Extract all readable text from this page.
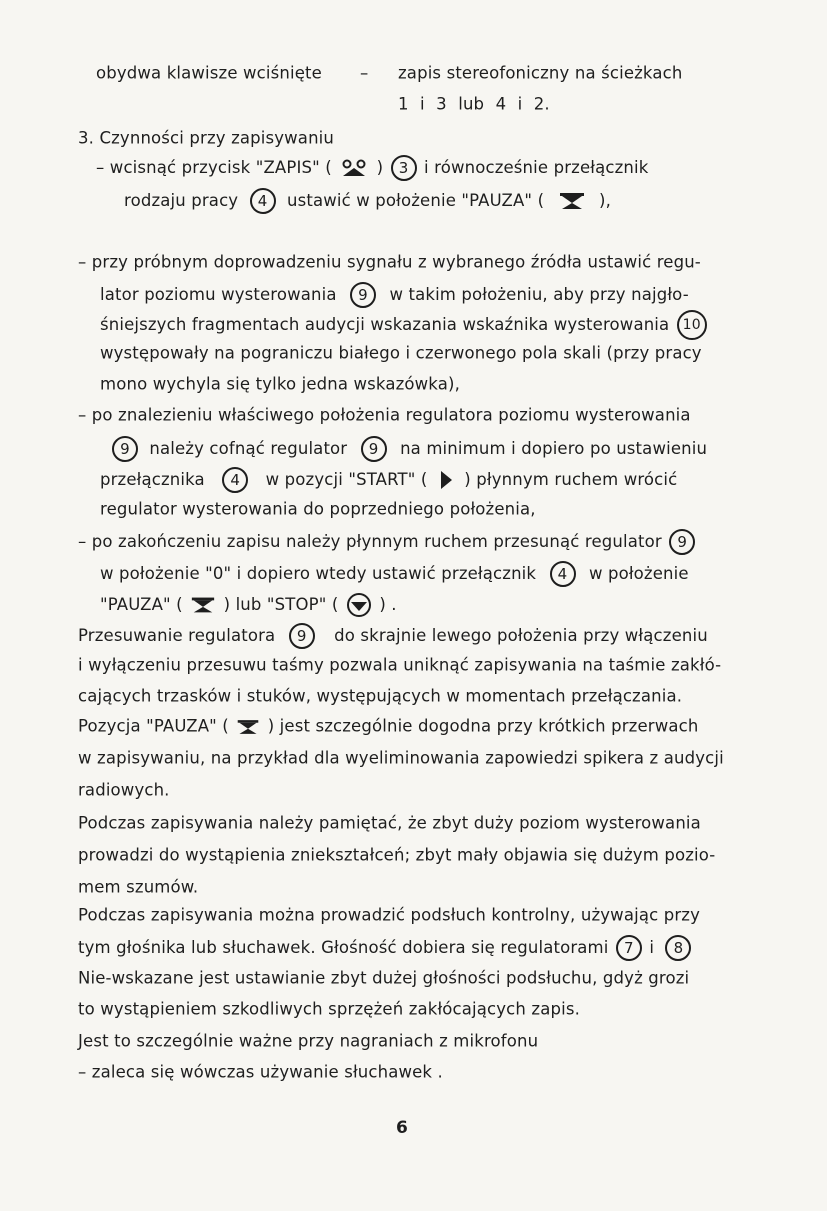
obydwa klawisze wciśnięte – zapis stereofoniczny na ścieżkach
1 i 3 lub 4 i 2.
3. Czynności przy zapisywaniu
– wcisnąć przycisk "ZAPIS" (	) 3 i równocześnie przełącznik
rodzaju pracy 4 ustawić w położenie "PAUZA" (	),
– przy próbnym doprowadzeniu sygnału z wybranego źródła ustawić regu-
lator poziomu wysterowania 9 w takim położeniu, aby przy najgło-
śniejszych fragmentach audycji wskazania wskaźnika wysterowania 10
występowały na pograniczu białego i czerwonego pola skali (przy pracy
mono wychyla się tylko jedna wskazówka),
– po znalezieniu właściwego położenia regulatora poziomu wysterowania
9 należy cofnąć regulator 9 na minimum i dopiero po ustawieniu
przełącznika 4 w pozycji "START" ( ) płynnym ruchem wrócić
regulator wysterowania do poprzedniego położenia,
– po zakończeniu zapisu należy płynnym ruchem przesunąć regulator 9
w położenie "0" i dopiero wtedy ustawić przełącznik 4 w położenie
"PAUZA" ( ) lub "STOP" ( ) .
Przesuwanie regulatora 9 do skrajnie lewego położenia przy włączeniu
i wyłączeniu przesuwu taśmy pozwala uniknąć zapisywania na taśmie zakłó-
cających trzasków i stuków, występujących w momentach przełączania.
Pozycja "PAUZA" ( ) jest szczególnie dogodna przy krótkich przerwach
w zapisywaniu, na przykład dla wyeliminowania zapowiedzi spikera z audycji
radiowych.
Podczas zapisywania należy pamiętać, że zbyt duży poziom wysterowania
prowadzi do wystąpienia zniekształceń; zbyt mały objawia się dużym pozio-
mem szumów.
Podczas zapisywania można prowadzić podsłuch kontrolny, używając przy
tym głośnika lub słuchawek. Głośność dobiera się regulatorami 7 i 8
Nie-wskazane jest ustawianie zbyt dużej głośności podsłuchu, gdyż grozi
to wystąpieniem szkodliwych sprzężeń zakłócających zapis.
Jest to szczególnie ważne przy nagraniach z mikrofonu
– zaleca się wówczas używanie słuchawek .
6
